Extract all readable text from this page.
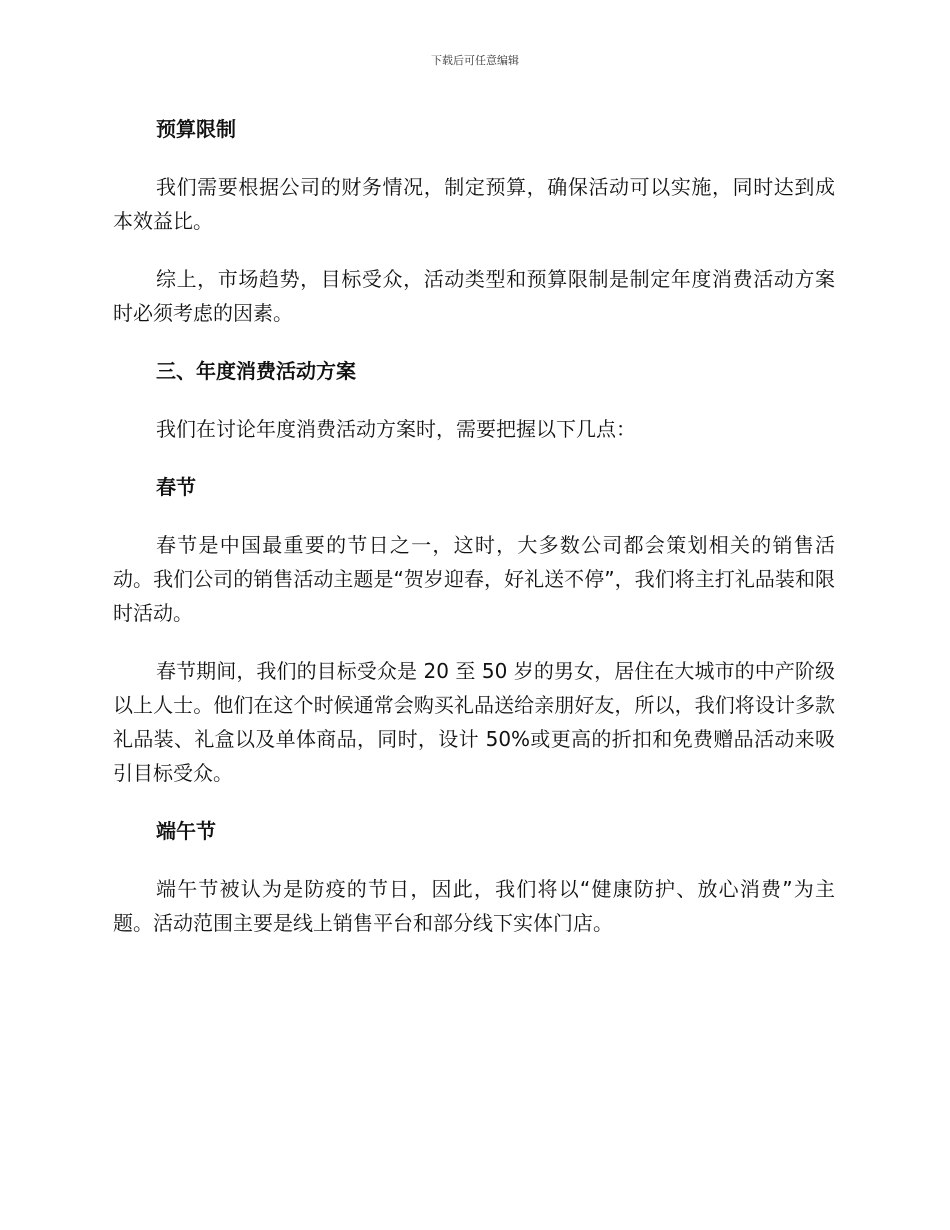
下载后可任意编辑
预算限制

我们需要根据公司的财务情况，制定预算，确保活动可以实施，同时达到成本效益比。

综上，市场趋势，目标受众，活动类型和预算限制是制定年度消费活动方案时必须考虑的因素。

三、年度消费活动方案

我们在讨论年度消费活动方案时，需要把握以下几点：

春节

春节是中国最重要的节日之一，这时，大多数公司都会策划相关的销售活动。我们公司的销售活动主题是“贺岁迎春，好礼送不停”，我们将主打礼品装和限时活动。

春节期间，我们的目标受众是 20 至 50 岁的男女，居住在大城市的中产阶级以上人士。他们在这个时候通常会购买礼品送给亲朋好友，所以，我们将设计多款礼品装、礼盒以及单体商品，同时，设计 50%或更高的折扣和免费赠品活动来吸引目标受众。

端午节

端午节被认为是防疫的节日，因此，我们将以“健康防护、放心消费”为主题。活动范围主要是线上销售平台和部分线下实体门店。
